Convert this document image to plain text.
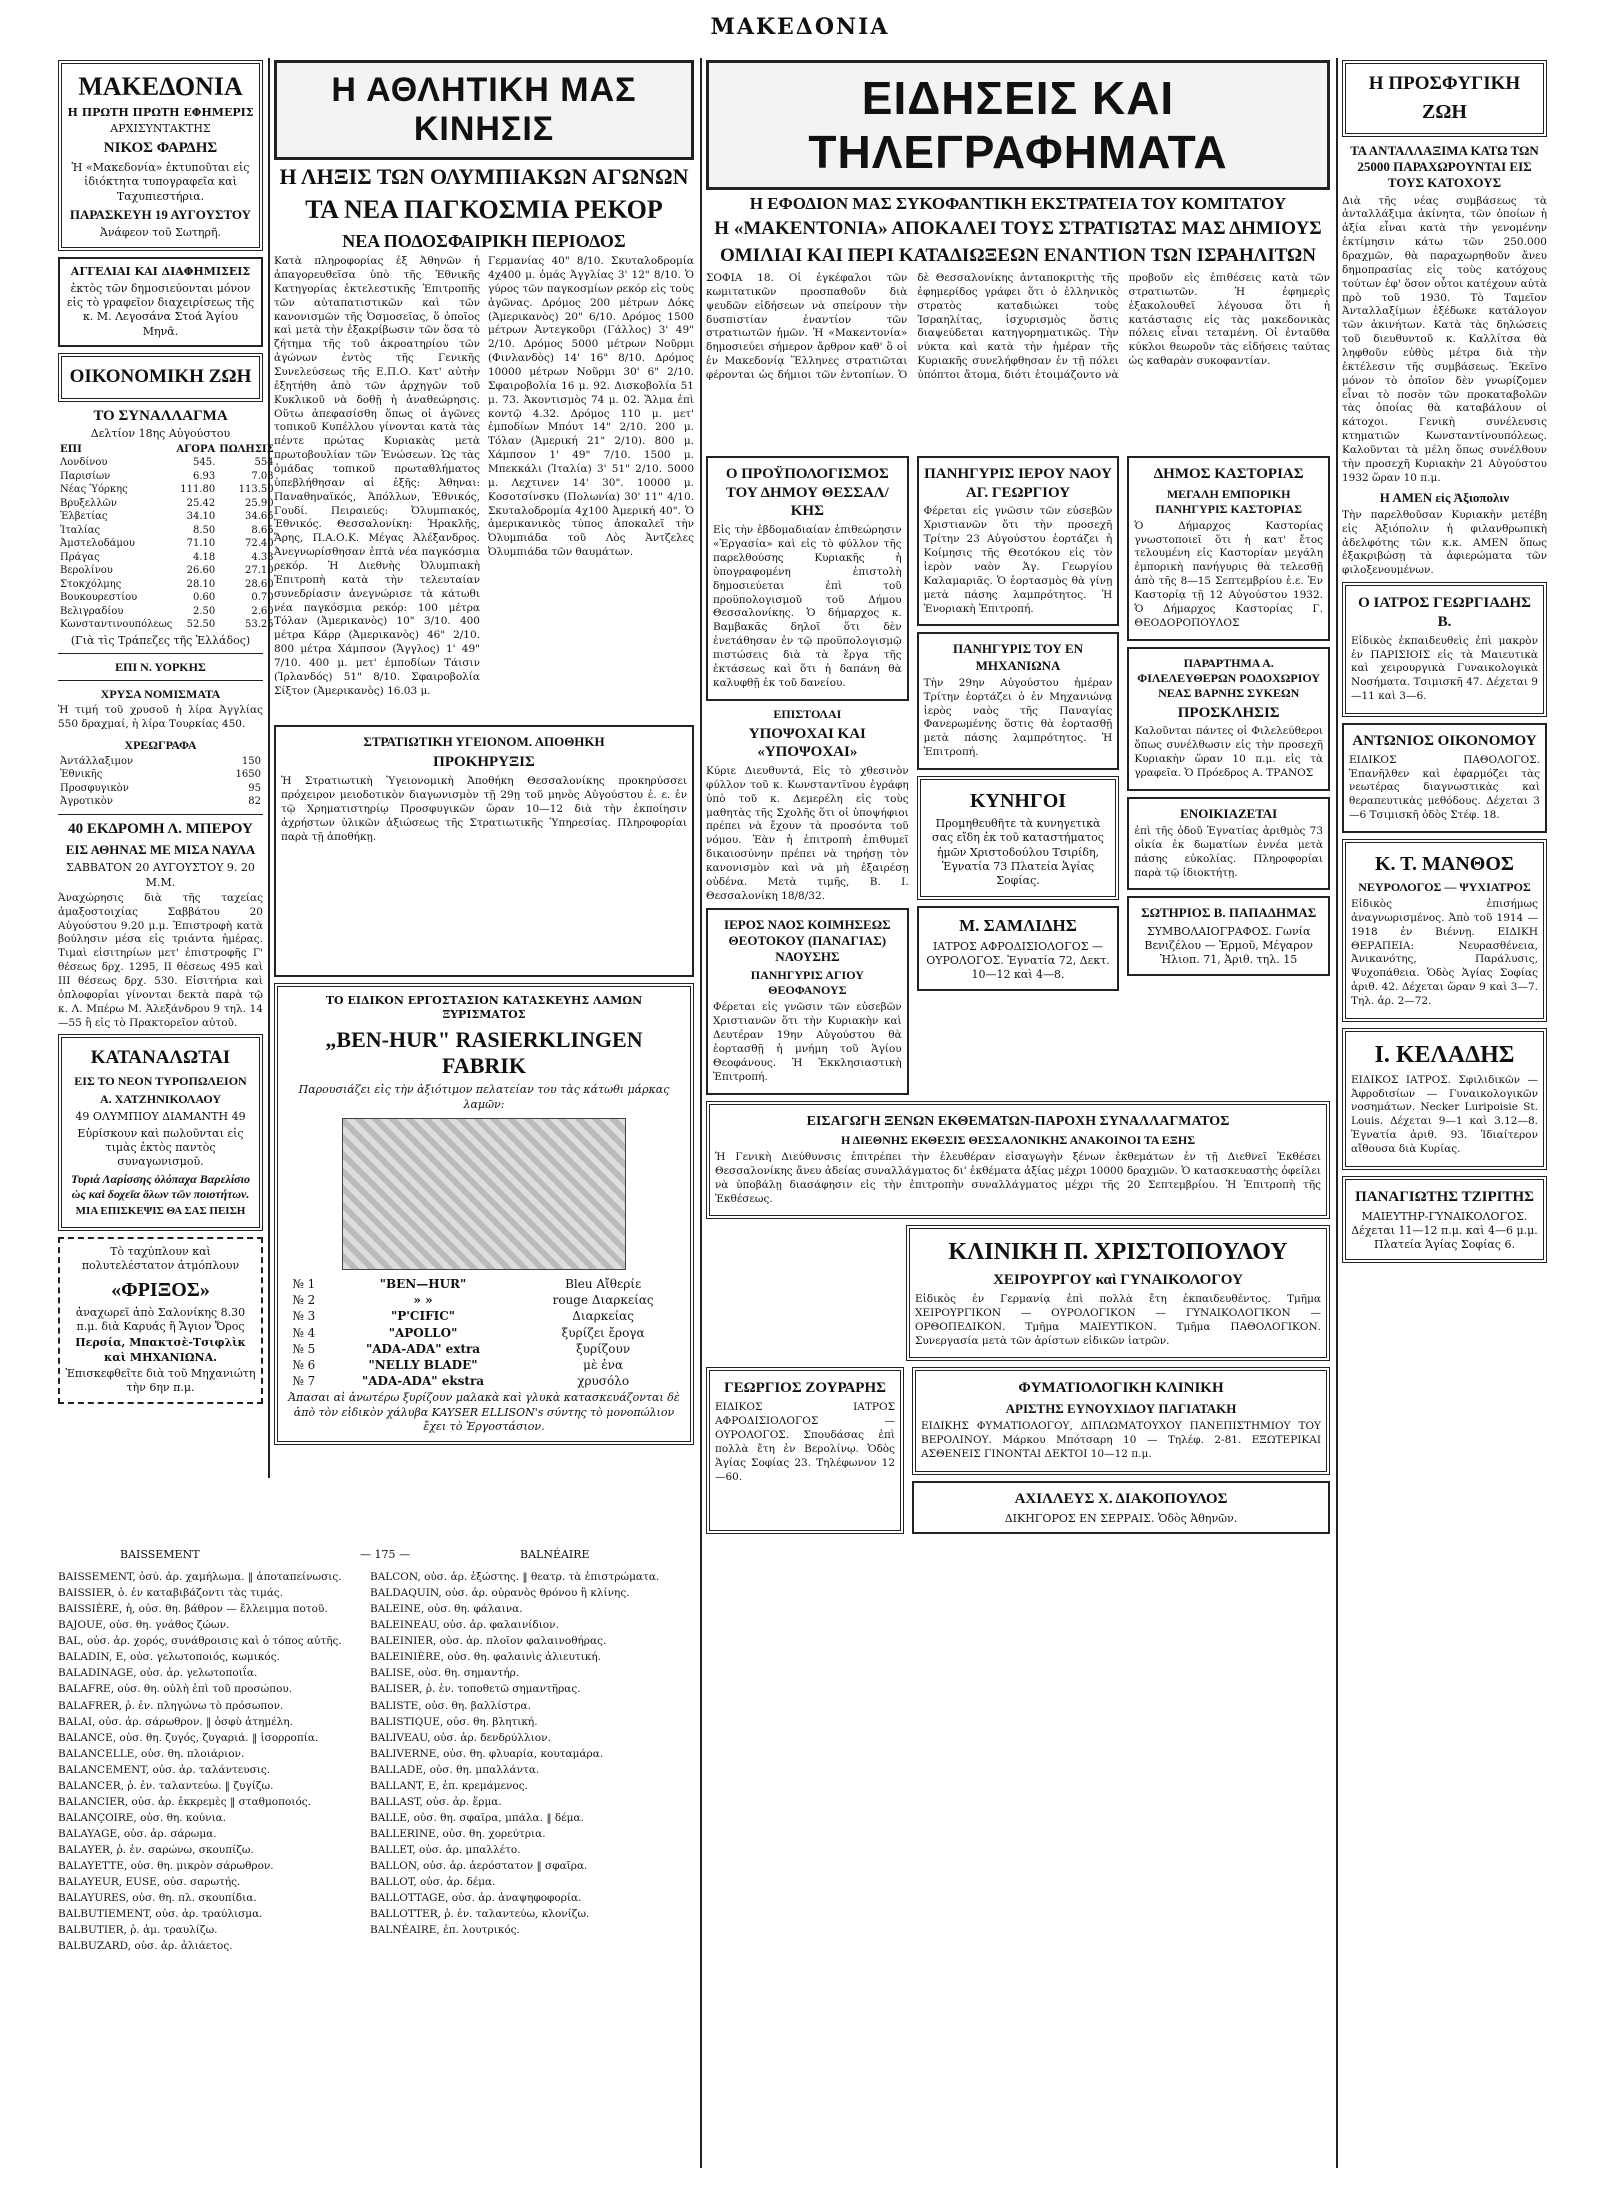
ΜΑΚΕΔΟΝΙΑ
ΜΑΚΕΔΟΝΙΑ
Η ΠΡΩΤΗ ΠΡΩΤΗ ΕΦΗΜΕΡΙΣ
ΑΡΧΙΣΥΝΤΑΚΤΗΣ
ΝΙΚΟΣ ΦΑΡΔΗΣ
Ἡ «Μακεδονία» ἐκτυποῦται εἰς ἰδιόκτητα τυπογραφεῖα καὶ Ταχυπιεστήρια.
ΠΑΡΑΣΚΕΥΗ 19 ΑΥΓΟΥΣΤΟΥ
Ἀνάφεον τοῦ Σωτηρῆ.
ΑΓΓΕΛΙΑΙ ΚΑΙ ΔΙΑΦΗΜΙΣΕΙΣ
ἐκτὸς τῶν δημοσιεύονται μόνον εἰς τὸ γραφεῖον διαχειρίσεως τῆς κ. Μ. Λεγοσάνα Στοά Ἁγίου Μηνᾶ.
ΟΙΚΟΝΟΜΙΚΗ ΖΩΗ
ΤΟ ΣΥΝΑΛΛΑΓΜΑ
Δελτίον 18ης Αὐγούστου
ΕΠΙ	ΑΓΟΡΑ	ΠΩΛΗΣΙΣ
Λονδίνου	545.	554
Παρισίων	6.93	7.03
Νέας Ὑόρκης	111.80	113.50
Βρυξελλῶν	25.42	25.90
Ἑλβετίας	34.10	34.65
Ἰταλίας	8.50	8.65
Ἀμστελοδάμου	71.10	72.40
Πράγας	4.18	4.33
Βερολίνου	26.60	27.10
Στοκχόλμης	28.10	28.60
Βουκουρεστίου	0.60	0.70
Βελιγραδίου	2.50	2.60
Κωνσταντινουπόλεως	52.50	53.25
(Γιὰ τὶς Τράπεζες τῆς Ἑλλάδος)
ΕΠΙ Ν. ΥΟΡΚΗΣ
ΧΡΥΣΑ ΝΟΜΙΣΜΑΤΑ
Ἡ τιμή τοῦ χρυσοῦ ἡ λίρα Ἀγγλίας 550 δραχμαί, ἡ λίρα Τουρκίας 450.
ΧΡΕΩΓΡΑΦΑ
Ἀντάλλαξιμον	150
Ἐθνικῆς	1650
Προσφυγικὸν	95
Ἀγροτικὸν	82
40 ΕΚΔΡΟΜΗ Λ. ΜΠΕΡΟΥ
ΕΙΣ ΑΘΗΝΑΣ ΜΕ ΜΙΣΑ ΝΑΥΛΑ
ΣΑΒΒΑΤΟΝ 20 ΑΥΓΟΥΣΤΟΥ 9. 20 Μ.Μ.
Ἀναχώρησις διὰ τῆς ταχείας ἁμαξοστοιχίας Σαββάτου 20 Αὐγούστου 9.20 μ.μ. Ἐπιστροφὴ κατὰ βούλησιν μέσα εἰς τριάντα ἡμέρας. Τιμαὶ εἰσιτηρίων μετ' ἐπιστροφῆς Γ' θέσεως δρχ. 1295, ΙΙ θέσεως 495 καὶ ΙΙΙ θέσεως δρχ. 530. Εἰσιτήρια καὶ ὁπλοφορίαι γίνονται δεκτὰ παρὰ τῷ κ. Λ. Μπέρω Μ. Ἀλεξάνδρου 9 τηλ. 14—55 ἢ εἰς τὸ Πρακτορεῖον αὐτοῦ.
ΚΑΤΑΝΑΛΩΤΑΙ
ΕΙΣ ΤΟ ΝΕΟΝ ΤΥΡΟΠΩΛΕΙΟΝ
Α. ΧΑΤΖΗΝΙΚΟΛΑΟΥ
49 ΟΛΥΜΠΙΟΥ ΔΙΑΜΑΝΤΗ 49
Εὑρίσκουν καὶ πωλοῦνται εἰς τιμὰς ἐκτὸς παντὸς συναγωνισμοῦ.
Τυριά Λαρίσσης ὁλόπαχα Βαρελίσιο ὡς καὶ δοχεῖα ὅλων τῶν ποιοτήτων.
ΜΙΑ ΕΠΙΣΚΕΨΙΣ ΘΑ ΣΑΣ ΠΕΙΣΗ
Τὸ ταχύπλουν καὶ πολυτελέστατον ἀτμόπλουν
«ΦΡΙΞΟΣ»
ἀναχωρεῖ ἀπὸ Σαλονίκης 8.30 π.μ. διὰ Καρυάς ἢ Ἄγιον Ὄρος
Περσία, Μπακτσὲ-Τσιφλὶκ καὶ ΜΗΧΑΝΙΩΝΑ.
Ἐπισκεφθεῖτε διὰ τοῦ Μηχανιώτη τὴν 6ην π.μ.
Η ΑΘΛΗΤΙΚΗ ΜΑΣ ΚΙΝΗΣΙΣ
Η ΛΗΞΙΣ ΤΩΝ ΟΛΥΜΠΙΑΚΩΝ ΑΓΩΝΩΝ
ΤΑ ΝΕΑ ΠΑΓΚΟΣΜΙΑ ΡΕΚΟΡ
ΝΕΑ ΠΟΔΟΣΦΑΙΡΙΚΗ ΠΕΡΙΟΔΟΣ
Κατὰ πληροφορίας ἐξ Ἀθηνῶν ἡ ἀπαγορευθεῖσα ὑπὸ τῆς Ἐθνικῆς Κατηγορίας ἐκτελεστικῆς Ἐπιτροπῆς τῶν αὐταπατιστικῶν καὶ τῶν κανονισμῶν τῆς Ὀσμοσεῖας, ὅ ὁποῖος καὶ μετὰ τὴν ἐξακρίβωσιν τῶν ὅσα τὸ ζήτημα τῆς τοῦ ἀκροατηρίου τῶν ἀγώνων ἐντὸς τῆς Γενικῆς Συνελεύσεως τῆς Ε.Π.Ο. Κατ' αὐτὴν ἐξητήθη ἀπὸ τῶν ἀρχηγῶν τοῦ Κυκλικοῦ νὰ δοθῇ ἡ ἀναθεώρησις. Οὕτω ἀπεφασίσθη ὅπως οἱ ἀγῶνες τοπικοῦ Κυπέλλου γίνονται κατὰ τὰς πέντε πρώτας Κυριακὰς μετὰ πρωτοβουλίαν τῶν Ἑνώσεων. Ὡς τὰς ὁμάδας τοπικοῦ πρωταθλήματος ὑπεβλήθησαν αἱ ἑξῆς: Ἀθηναι: Παναθηναϊκός, Ἀπόλλων, Ἐθνικός, Γουδί. Πειραιεύς: Ὀλυμπιακός, Ἐθνικός. Θεσσαλονίκη: Ἡρακλῆς, Ἄρης, Π.Α.Ο.Κ. Μέγας Ἀλέξανδρος. Ἀνεγνωρίσθησαν ἑπτὰ νέα παγκόσμια ρεκόρ. Ἡ Διεθνὴς Ὀλυμπιακὴ Ἐπιτροπὴ κατὰ τὴν τελευταίαν συνεδρίασιν ἀνεγνώρισε τὰ κάτωθι νέα παγκόσμια ρεκόρ: 100 μέτρα Τόλαν (Ἀμερικανὸς) 10" 3/10. 400 μέτρα Κάρρ (Ἀμερικανὸς) 46" 2/10. 800 μέτρα Χάμπσον (Ἄγγλος) 1' 49" 7/10. 400 μ. μετ' ἐμποδίων Τάισιν (Ἰρλανδός) 51" 8/10. Σφαιροβολία Σίξτον (Ἀμερικανὸς) 16.03 μ.
Γερμανίας 40" 8/10. Σκυταλοδρομία 4χ400 μ. ὁμάς Ἀγγλίας 3' 12" 8/10. Ὁ γύρος τῶν παγκοσμίων ρεκόρ εἰς τοὺς ἀγῶνας. Δρόμος 200 μέτρων Δόκς (Ἀμερικανὸς) 20" 6/10. Δρόμος 1500 μέτρων Ἀντεγκοῦρι (Γάλλος) 3' 49" 2/10. Δρόμος 5000 μέτρων Νοῦρμι (Φινλανδὸς) 14' 16" 8/10. Δρόμος 10000 μέτρων Νοῦρμι 30' 6" 2/10. Σφαιροβολία 16 μ. 92. Δισκοβολία 51 μ. 73. Ἀκοντισμὸς 74 μ. 02. Ἅλμα ἐπὶ κοντῷ 4.32. Δρόμος 110 μ. μετ' ἐμποδίων Μπόυτ 14" 2/10. 200 μ. Τόλαν (Ἀμερική 21" 2/10). 800 μ. Χάμπσον 1' 49" 7/10. 1500 μ. Μπεκκάλι (Ἰταλία) 3' 51" 2/10. 5000 μ. Λεχτινεν 14' 30". 10000 μ. Κοσοτσίνσκυ (Πολωνία) 30' 11" 4/10. Σκυταλοδρομία 4χ100 Ἀμερική 40". Ὁ ἀμερικανικὸς τύπος ἀποκαλεῖ τὴν Ὀλυμπιάδα τοῦ Λὸς Ἀντζελες Ὀλυμπιάδα τῶν θαυμάτων.
ΣΤΡΑΤΙΩΤΙΚΗ ΥΓΕΙΟΝΟΜ. ΑΠΟΘΗΚΗ
ΠΡΟΚΗΡΥΞΙΣ
Ἡ Στρατιωτικὴ Ὑγειονομικὴ Ἀποθήκη Θεσσαλονίκης προκηρύσσει πρόχειρον μειοδοτικὸν διαγωνισμὸν τῇ 29ῃ τοῦ μηνὸς Αὐγούστου ἐ. ε. ἐν τῷ Χρηματιστηρίῳ Προσφυγικῶν ὥραν 10—12 διὰ τὴν ἐκποίησιν ἀχρήστων ὑλικῶν ἀξιώσεως τῆς Στρατιωτικῆς Ὑπηρεσίας. Πληροφορίαι παρὰ τῇ ἀποθήκῃ.
ΤΟ ΕΙΔΙΚΟΝ ΕΡΓΟΣΤΑΣΙΟΝ ΚΑΤΑΣΚΕΥΗΣ ΛΑΜΩΝ ΞΥΡΙΣΜΑΤΟΣ
„BEN-HUR" RASIERKLINGEN FABRIK
Παρουσιάζει εἰς τὴν ἀξιότιμον πελατείαν του τὰς κάτωθι μάρκας λαμῶν:
№ 1	"BEN—HUR"	Bleu Αἴθερίε
№ 2	» »	rouge Διαρκείας
№ 3	"P'CIFIC"	Διαρκείας
№ 4	"APOLLO"	ξυρίζει ἔρογα
№ 5	"ADA-ADA" extra	ξυρίζουν
№ 6	"NELLY BLADE"	μὲ ἐνα
№ 7	"ADA-ADA" ekstra	χρυσόλο
Ἀπασαι αἱ ἀνωτέρω ξυρίζουν μαλακὰ καὶ γλυκὰ κατασκευάζονται δὲ ἀπὸ τὸν εἰδικὸν χάλυβα KAYSER ELLISON's σύντης τὸ μονοπώλιον ἔχει τὸ Ἐργοστάσιον.
ΕΙΔΗΣΕΙΣ ΚΑΙ ΤΗΛΕΓΡΑΦΗΜΑΤΑ
Η ΕΦΟΔΙΟΝ ΜΑΣ ΣΥΚΟΦΑΝΤΙΚΗ ΕΚΣΤΡΑΤΕΙΑ ΤΟΥ ΚΟΜΙΤΑΤΟΥ
Η «ΜΑΚΕΝΤΟΝΙΑ» ΑΠΟΚΑΛΕΙ ΤΟΥΣ ΣΤΡΑΤΙΩΤΑΣ ΜΑΣ ΔΗΜΙΟΥΣ
ΟΜΙΛΙΑΙ ΚΑΙ ΠΕΡΙ ΚΑΤΑΔΙΩΞΕΩΝ ΕΝΑΝΤΙΟΝ ΤΩΝ ΙΣΡΑΗΛΙΤΩΝ
ΣΟΦΙΑ 18. Οἱ ἐγκέφαλοι τῶν κωμιτατικῶν προσπαθοῦν διὰ ψευδῶν εἰδήσεων νὰ σπείρουν τὴν δυσπιστίαν ἐναντίον τῶν στρατιωτῶν ἡμῶν. Ἡ «Μακεντονία» δημοσιεύει σήμερον ἄρθρον καθ' ὃ οἱ ἐν Μακεδονίᾳ Ἕλληνες στρατιῶται φέρονται ὡς δήμιοι τῶν ἐντοπίων. Ὁ δὲ Θεσσαλονίκης ἀνταποκριτὴς τῆς ἐφημερίδος γράφει ὅτι ὁ ἑλληνικὸς στρατὸς καταδιώκει τοὺς Ἰσραηλίτας, ἰσχυρισμὸς ὅστις διαψεύδεται κατηγορηματικῶς. Τὴν νύκτα καὶ κατὰ τὴν ἡμέραν τῆς Κυριακῆς συνελήφθησαν ἐν τῇ πόλει ὑπόπτοι ἄτομα, διότι ἐτοιμάζοντο νὰ προβοῦν εἰς ἐπιθέσεις κατὰ τῶν στρατιωτῶν. Ἡ ἐφημερὶς ἐξακολουθεῖ λέγουσα ὅτι ἡ κατάστασις εἰς τὰς μακεδονικὰς πόλεις εἶναι τεταμένη. Οἱ ἐνταῦθα κύκλοι θεωροῦν τὰς εἰδήσεις ταύτας ὡς καθαρὰν συκοφαντίαν.
Ο ΠΡΟΫΠΟΛΟΓΙΣΜΟΣ ΤΟΥ ΔΗΜΟΥ ΘΕΣΣΑΛ/ΚΗΣ
Εἰς τὴν ἐβδομαδιαίαν ἐπιθεώρησιν «Ἐργασία» καὶ εἰς τὸ φύλλον τῆς παρελθούσης Κυριακῆς ἡ ὑπογραφομένη ἐπιστολὴ δημοσιεύεται ἐπὶ τοῦ προϋπολογισμοῦ τοῦ Δήμου Θεσσαλονίκης. Ὁ δήμαρχος κ. Βαμβακᾶς δηλοῖ ὅτι δὲν ἐνετάθησαν ἐν τῷ προϋπολογισμῷ πιστώσεις διὰ τὰ ἔργα τῆς ἐκτάσεως καὶ ὅτι ἡ δαπάνη θὰ καλυφθῇ ἐκ τοῦ δανείου.
ΕΠΙΣΤΟΛΑΙ
ΥΠΟΨΟΧΑΙ ΚΑΙ «ΥΠΟΨΟΧΑΙ»
Κύριε Διευθυντά, Εἰς τὸ χθεσινὸν φύλλον τοῦ κ. Κωνσταντῖνου ἐγράφη ὑπὸ τοῦ κ. Δεμερέλη εἰς τοὺς μαθητὰς τῆς Σχολῆς ὅτι οἱ ὑποψήφιοι πρέπει νὰ ἔχουν τὰ προσόντα τοῦ νόμου. Ἐὰν ἡ ἐπιτροπὴ ἐπιθυμεῖ δικαιοσύνην πρέπει νὰ τηρήσῃ τὸν κανονισμὸν καὶ νὰ μὴ ἐξαιρέσῃ οὐδένα. Μετὰ τιμῆς, Β. Ι. Θεσσαλονίκη 18/8/32.
ΙΕΡΟΣ ΝΑΟΣ ΚΟΙΜΗΣΕΩΣ ΘΕΟΤΟΚΟΥ (ΠΑΝΑΓΙΑΣ) ΝΑΟΥΣΗΣ
ΠΑΝΗΓΥΡΙΣ ΑΓΙΟΥ ΘΕΟΦΑΝΟΥΣ
Φέρεται εἰς γνῶσιν τῶν εὐσεβῶν Χριστιανῶν ὅτι τὴν Κυριακὴν καὶ Δευτέραν 19ην Αὐγούστου θὰ ἑορτασθῇ ἡ μνήμη τοῦ Ἁγίου Θεοφάνους. Ἡ Ἐκκλησιαστικὴ Ἐπιτροπή.
ΠΑΝΗΓΥΡΙΣ ΙΕΡΟΥ ΝΑΟΥ ΑΓ. ΓΕΩΡΓΙΟΥ
Φέρεται εἰς γνῶσιν τῶν εὐσεβῶν Χριστιανῶν ὅτι τὴν προσεχῆ Τρίτην 23 Αὐγούστου ἑορτάζει ἡ Κοίμησις τῆς Θεοτόκου εἰς τὸν ἱερὸν ναὸν Ἁγ. Γεωργίου Καλαμαριᾶς. Ὁ ἑορτασμὸς θὰ γίνῃ μετὰ πάσης λαμπρότητος. Ἡ Ἐνοριακὴ Ἐπιτροπή.
ΠΑΝΗΓΥΡΙΣ ΤΟΥ ΕΝ ΜΗΧΑΝΙΩΝΑ
Τὴν 29ην Αὐγούστου ἡμέραν Τρίτην ἑορτάζει ὁ ἐν Μηχανιώνᾳ ἱερὸς ναὸς τῆς Παναγίας Φανερωμένης ὅστις θὰ ἑορτασθῇ μετὰ πάσης λαμπρότητος. Ἡ Ἐπιτροπή.
ΚΥΝΗΓΟΙ
Προμηθευθῆτε τὰ κυνηγετικὰ σας εἴδη ἐκ τοῦ καταστήματος ἡμῶν Χριστοδούλου Τσιρίδη, Ἐγνατία 73 Πλατεία Ἁγίας Σοφίας.
Μ. ΣΑΜΛΙΔΗΣ
ΙΑΤΡΟΣ ΑΦΡΟΔΙΣΙΟΛΟΓΟΣ — ΟΥΡΟΛΟΓΟΣ. Ἐγνατία 72, Δεκτ. 10—12 καὶ 4—8.
ΔΗΜΟΣ ΚΑΣΤΟΡΙΑΣ
ΜΕΓΑΛΗ ΕΜΠΟΡΙΚΗ ΠΑΝΗΓΥΡΙΣ ΚΑΣΤΟΡΙΑΣ
Ὁ Δήμαρχος Καστορίας γνωστοποιεῖ ὅτι ἡ κατ' ἔτος τελουμένη εἰς Καστορίαν μεγάλη ἐμπορικὴ πανήγυρις θὰ τελεσθῇ ἀπὸ τῆς 8—15 Σεπτεμβρίου ἐ.ε. Ἐν Καστορίᾳ τῇ 12 Αὐγούστου 1932. Ὁ Δήμαρχος Καστορίας Γ. ΘΕΟΔΟΡΟΠΟΥΛΟΣ
ΠΑΡΑΡΤΗΜΑ Α. ΦΙΛΕΛΕΥΘΕΡΩΝ ΡΟΔΟΧΩΡΙΟΥ ΝΕΑΣ ΒΑΡΝΗΣ ΣΥΚΕΩΝ
ΠΡΟΣΚΛΗΣΙΣ
Καλοῦνται πάντες οἱ Φιλελεύθεροι ὅπως συνέλθωσιν εἰς τὴν προσεχῆ Κυριακὴν ὥραν 10 π.μ. εἰς τὰ γραφεῖα. Ὁ Πρόεδρος Α. ΤΡΑΝΟΣ
ΕΝΟΙΚΙΑΖΕΤΑΙ
ἐπὶ τῆς ὁδοῦ Ἐγνατίας ἀριθμὸς 73 οἰκία ἐκ δωματίων ἐννέα μετὰ πάσης εὐκολίας. Πληροφορίαι παρὰ τῷ ἰδιοκτήτῃ.
ΣΩΤΗΡΙΟΣ Β. ΠΑΠΑΔΗΜΑΣ
ΣΥΜΒΟΛΑΙΟΓΡΑΦΟΣ. Γωνία Βενιζέλου — Ἑρμοῦ, Μέγαρον Ἠλιοπ. 71, Ἀριθ. τηλ. 15
ΕΙΣΑΓΩΓΗ ΞΕΝΩΝ ΕΚΘΕΜΑΤΩΝ-ΠΑΡΟΧΗ ΣΥΝΑΛΛΑΓΜΑΤΟΣ
Η ΔΙΕΘΝΗΣ ΕΚΘΕΣΙΣ ΘΕΣΣΑΛΟΝΙΚΗΣ ΑΝΑΚΟΙΝΟΙ ΤΑ ΕΞΗΣ
Ἡ Γενικὴ Διεύθυνσις ἐπιτρέπει τὴν ἐλευθέραν εἰσαγωγὴν ξένων ἐκθεμάτων ἐν τῇ Διεθνεῖ Ἐκθέσει Θεσσαλονίκης ἄνευ ἀδείας συναλλάγματος δι' ἐκθέματα ἀξίας μέχρι 10000 δραχμῶν. Ὁ κατασκευαστὴς ὀφείλει νὰ ὑποβάλῃ διασάφησιν εἰς τὴν ἐπιτροπὴν συναλλάγματος μέχρι τῆς 20 Σεπτεμβρίου. Ἡ Ἐπιτροπὴ τῆς Ἐκθέσεως.
ΚΛΙΝΙΚΗ Π. ΧΡΙΣΤΟΠΟΥΛΟΥ
ΧΕΙΡΟΥΡΓΟΥ καὶ ΓΥΝΑΙΚΟΛΟΓΟΥ
Εἰδικὸς ἐν Γερμανίᾳ ἐπὶ πολλὰ ἔτη ἐκπαιδευθέντος. Τμῆμα ΧΕΙΡΟΥΡΓΙΚΟΝ — ΟΥΡΟΛΟΓΙΚΟΝ — ΓΥΝΑΙΚΟΛΟΓΙΚΟΝ — ΟΡΘΟΠΕΔΙΚΟΝ. Τμῆμα ΜΑΙΕΥΤΙΚΟΝ. Τμῆμα ΠΑΘΟΛΟΓΙΚΟΝ. Συνεργασία μετὰ τῶν ἀρίστων εἰδικῶν ἰατρῶν.
ΓΕΩΡΓΙΟΣ ΖΟΥΡΑΡΗΣ
ΕΙΔΙΚΟΣ ΙΑΤΡΟΣ ΑΦΡΟΔΙΣΙΟΛΟΓΟΣ — ΟΥΡΟΛΟΓΟΣ. Σπουδάσας ἐπὶ πολλὰ ἔτη ἐν Βερολίνῳ. Ὁδὸς Ἁγίας Σοφίας 23. Τηλέφωνον 12—60.
ΦΥΜΑΤΙΟΛΟΓΙΚΗ ΚΛΙΝΙΚΗ
ΑΡΙΣΤΗΣ ΕΥΝΟΥΧΙΔΟΥ ΠΑΓΙΑΤΑΚΗ
ΕΙΔΙΚΗΣ ΦΥΜΑΤΙΟΛΟΓΟΥ, ΔΙΠΛΩΜΑΤΟΥΧΟΥ ΠΑΝΕΠΙΣΤΗΜΙΟΥ ΤΟΥ ΒΕΡΟΛΙΝΟΥ. Μάρκου Μπότσαρη 10 — Τηλέφ. 2-81. ΕΞΩΤΕΡΙΚΑΙ ΑΣΘΕΝΕΙΣ ΓΙΝΟΝΤΑΙ ΔΕΚΤΟΙ 10—12 π.μ.
ΑΧΙΛΛΕΥΣ Χ. ΔΙΑΚΟΠΟΥΛΟΣ
ΔΙΚΗΓΟΡΟΣ ΕΝ ΣΕΡΡΑΙΣ. Ὁδὸς Ἀθηνῶν.
Η ΠΡΟΣΦΥΓΙΚΗ
ΖΩΗ
ΤΑ ΑΝΤΑΛΛΑΞΙΜΑ ΚΑΤΩ ΤΩΝ 25000 ΠΑΡΑΧΩΡΟΥΝΤΑΙ ΕΙΣ ΤΟΥΣ ΚΑΤΟΧΟΥΣ
Διὰ τῆς νέας συμβάσεως τὰ ἀνταλλάξιμα ἀκίνητα, τῶν ὁποίων ἡ ἀξία εἶναι κατὰ τὴν γενομένην ἐκτίμησιν κάτω τῶν 250.000 δραχμῶν, θὰ παραχωρηθοῦν ἄνευ δημοπρασίας εἰς τοὺς κατόχους τούτων ἐφ' ὅσον οὗτοι κατέχουν αὐτὰ πρὸ τοῦ 1930. Τὸ Ταμεῖον Ἀνταλλαξίμων ἐξέδωκε κατάλογον τῶν ἀκινήτων. Κατὰ τὰς δηλώσεις τοῦ διευθυντοῦ κ. Καλλίτσα θὰ ληφθοῦν εὐθὺς μέτρα διὰ τὴν ἐκτέλεσιν τῆς συμβάσεως. Ἐκεῖνο μόνον τὸ ὁποῖον δὲν γνωρίζομεν εἶναι τὸ ποσὸν τῶν προκαταβολῶν τὰς ὁποίας θὰ καταβάλουν οἱ κάτοχοι. Γενικὴ συνέλευσις κτηματιῶν Κωνσταντίνουπόλεως. Καλοῦνται τὰ μέλη ὅπως συνέλθουν τὴν προσεχῆ Κυριακὴν 21 Αὐγούστου 1932 ὥραν 10 π.μ.
Η ΑΜΕΝ εἰς Ἀξιοπολιν
Τὴν παρελθοῦσαν Κυριακὴν μετέβη εἰς Ἀξιόπολιν ἡ φιλανθρωπικὴ ἀδελφότης τῶν κ.κ. ΑΜΕΝ ὅπως ἐξακριβώσῃ τὰ ἀφιερώματα τῶν φιλοξενουμένων.
Ο ΙΑΤΡΟΣ ΓΕΩΡΓΙΑΔΗΣ Β.
Εἰδικὸς ἐκπαιδευθεὶς ἐπὶ μακρὸν ἐν ΠΑΡΙΣΙΟΙΣ εἰς τὰ Μαιευτικὰ καὶ χειρουργικὰ Γυναικολογικὰ Νοσήματα. Τσιμισκῆ 47. Δέχεται 9—11 καὶ 3—6.
ΑΝΤΩΝΙΟΣ ΟΙΚΟΝΟΜΟΥ
ΕΙΔΙΚΟΣ ΠΑΘΟΛΟΓΟΣ. Ἐπανῆλθεν καὶ ἐφαρμόζει τὰς νεωτέρας διαγνωστικὰς καὶ θεραπευτικὰς μεθόδους. Δέχεται 3—6 Τσιμισκῆ ὁδὸς Στέφ. 18.
Κ. Τ. ΜΑΝΘΟΣ
ΝΕΥΡΟΛΟΓΟΣ — ΨΥΧΙΑΤΡΟΣ
Εἰδικὸς ἐπισήμως ἀναγνωρισμένος. Ἀπὸ τοῦ 1914 — 1918 ἐν Βιέννῃ. ΕΙΔΙΚΗ ΘΕΡΑΠΕΙΑ: Νευρασθένεια, Ἀνικανότης, Παράλυσις, Ψυχοπάθεια. Ὁδὸς Ἁγίας Σοφίας ἀριθ. 42. Δέχεται ὥραν 9 καὶ 3—7. Τηλ. ἀρ. 2—72.
Ι. ΚΕΛΑΔΗΣ
ΕΙΔΙΚΟΣ ΙΑΤΡΟΣ. Σφιλιδικῶν — Ἀφροδισίων — Γυναικολογικῶν νοσημάτων. Necker Luripoisie St. Louis. Δέχεται 9—1 καὶ 3.12—8. Ἐγνατία ἀριθ. 93. Ἰδιαίτερον αἴθουσα διὰ Κυρίας.
ΠΑΝΑΓΙΩΤΗΣ ΤΖΙΡΙΤΗΣ
ΜΑΙΕΥΤΗΡ-ΓΥΝΑΙΚΟΛΟΓΟΣ. Δέχεται 11—12 π.μ. καὶ 4—6 μ.μ. Πλατεία Ἁγίας Σοφίας 6.
BAISSEMENT	— 175 —	BALNÉAIRE

BAISSEMENT, ὁσύ. ἀρ. χαμήλωμα. ‖ ἀποταπείνωσις.

BAISSIER, ὁ. ἐν καταβιβάζοντι τὰς τιμάς.

BAISSIÈRE, ἡ, οὐσ. θη. βάθρον — ἔλλειμμα ποτοῦ.

BAJOUE, οὐσ. θη. γνάθος ζώων.

BAL, οὐσ. ἀρ. χορός, συνάθροισις καὶ ὁ τόπος αὐτῆς.

BALADIN, E, οὐσ. γελωτοποιός, κωμικός.

BALADINAGE, οὐσ. ἀρ. γελωτοποιΐα.

BALAFRE, οὐσ. θη. οὐλὴ ἐπὶ τοῦ προσώπου.

BALAFRER, ῥ. ἐν. πληγώνω τὸ πρόσωπον.

BALAI, οὐσ. ἀρ. σάρωθρον. ‖ ὁσφὺ ἀτημέλη.

BALANCE, οὐσ. θη. ζυγός, ζυγαριά. ‖ ἰσορροπία.

BALANCELLE, οὐσ. θη. πλοιάριον.

BALANCEMENT, οὐσ. ἀρ. ταλάντευσις.

BALANCER, ῥ. ἐν. ταλαντεύω. ‖ ζυγίζω.

BALANCIER, οὐσ. ἀρ. ἐκκρεμὲς ‖ σταθμοποιός.

BALANÇOIRE, οὐσ. θη. κούνια.

BALAYAGE, οὐσ. ἀρ. σάρωμα.

BALAYER, ῥ. ἐν. σαρώνω, σκουπίζω.

BALAYETTE, οὐσ. θη. μικρὸν σάρωθρον.

BALAYEUR, EUSE, οὐσ. σαρωτής.

BALAYURES, οὐσ. θη. πλ. σκουπίδια.

BALBUTIEMENT, οὐσ. ἀρ. τραύλισμα.

BALBUTIER, ῥ. ἀμ. τραυλίζω.

BALBUZARD, οὐσ. ἀρ. ἁλιάετος.

BALCON, οὐσ. ἀρ. ἐξώστης. ‖ θεατρ. τὰ ἐπιστρώματα.

BALDAQUIN, οὐσ. ἀρ. οὐρανὸς θρόνου ἢ κλίνης.

BALEINE, οὐσ. θη. φάλαινα.

BALEINEAU, οὐσ. ἀρ. φαλαινίδιον.

BALEINIER, οὐσ. ἀρ. πλοῖον φαλαινοθήρας.

BALEINIÈRE, οὐσ. θη. φαλαινὶς ἁλιευτική.

BALISE, οὐσ. θη. σημαντήρ.

BALISER, ῥ. ἐν. τοποθετῶ σημαντῆρας.

BALISTE, οὐσ. θη. βαλλίστρα.

BALISTIQUE, οὐσ. θη. βλητική.

BALIVEAU, οὐσ. ἀρ. δενδρύλλιον.

BALIVERNE, οὐσ. θη. φλυαρία, κουταμάρα.

BALLADE, οὐσ. θη. μπαλλάντα.

BALLANT, E, ἐπ. κρεμάμενος.

BALLAST, οὐσ. ἀρ. ἕρμα.

BALLE, οὐσ. θη. σφαῖρα, μπάλα. ‖ δέμα.

BALLERINE, οὐσ. θη. χορεύτρια.

BALLET, οὐσ. ἀρ. μπαλλέτο.

BALLON, οὐσ. ἀρ. ἀερόστατον ‖ σφαῖρα.

BALLOT, οὐσ. ἀρ. δέμα.

BALLOTTAGE, οὐσ. ἀρ. ἀναψηφοφορία.

BALLOTTER, ῥ. ἐν. ταλαντεύω, κλονίζω.

BALNÉAIRE, ἐπ. λουτρικός.
